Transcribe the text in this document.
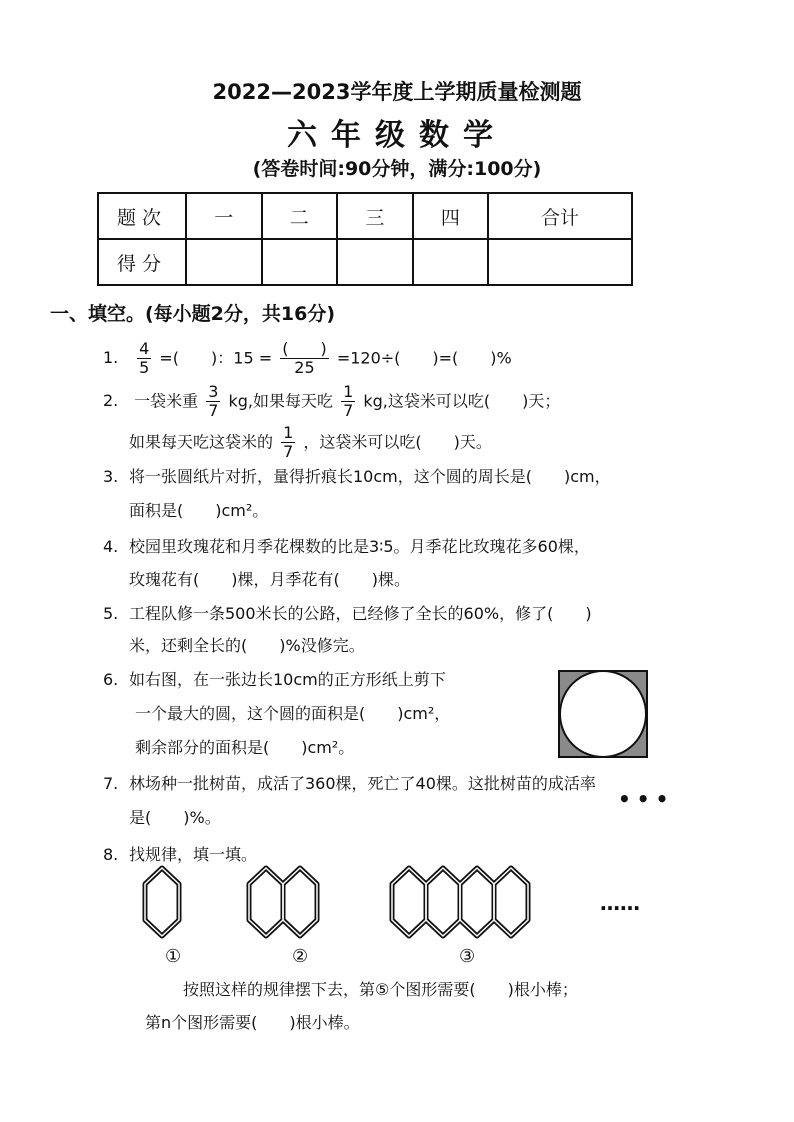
2022—2023学年度上学期质量检测题
六年级数学
(答卷时间:90分钟，满分:100分)
题次	一	二	三	四	合计
得分					
一、填空。(每小题2分，共16分)
1. $\frac{4}{5}$ =(　　)：$15 = \frac{( )}{25} =120\div$(　　)=(　　)%
2. 一袋米重 $\frac{3}{7}$ kg,如果每天吃 $\frac{1}{7}$ kg,这袋米可以吃(　　)天；
如果每天吃这袋米的 $\frac{1}{7}$ ，这袋米可以吃(　　)天。
3. 将一张圆纸片对折，量得折痕长10cm，这个圆的周长是(　　)cm，
面积是(　　)cm²。
4. 校园里玫瑰花和月季花棵数的比是3∶5。月季花比玫瑰花多60棵，
玫瑰花有(　　)棵，月季花有(　　)棵。
5. 工程队修一条500米长的公路，已经修了全长的60%，修了(　　)
米，还剩全长的(　　)%没修完。
6. 如右图，在一张边长10cm的正方形纸上剪下
一个最大的圆，这个圆的面积是(　　)cm²，
剩余部分的面积是(　　)cm²。
7. 林场种一批树苗，成活了360棵，死亡了40棵。这批树苗的成活率
•••
是(　　)%。
8. 找规律，填一填。
……
①	②	③
按照这样的规律摆下去，第⑤个图形需要(　　)根小棒；
第n个图形需要(　　)根小棒。
